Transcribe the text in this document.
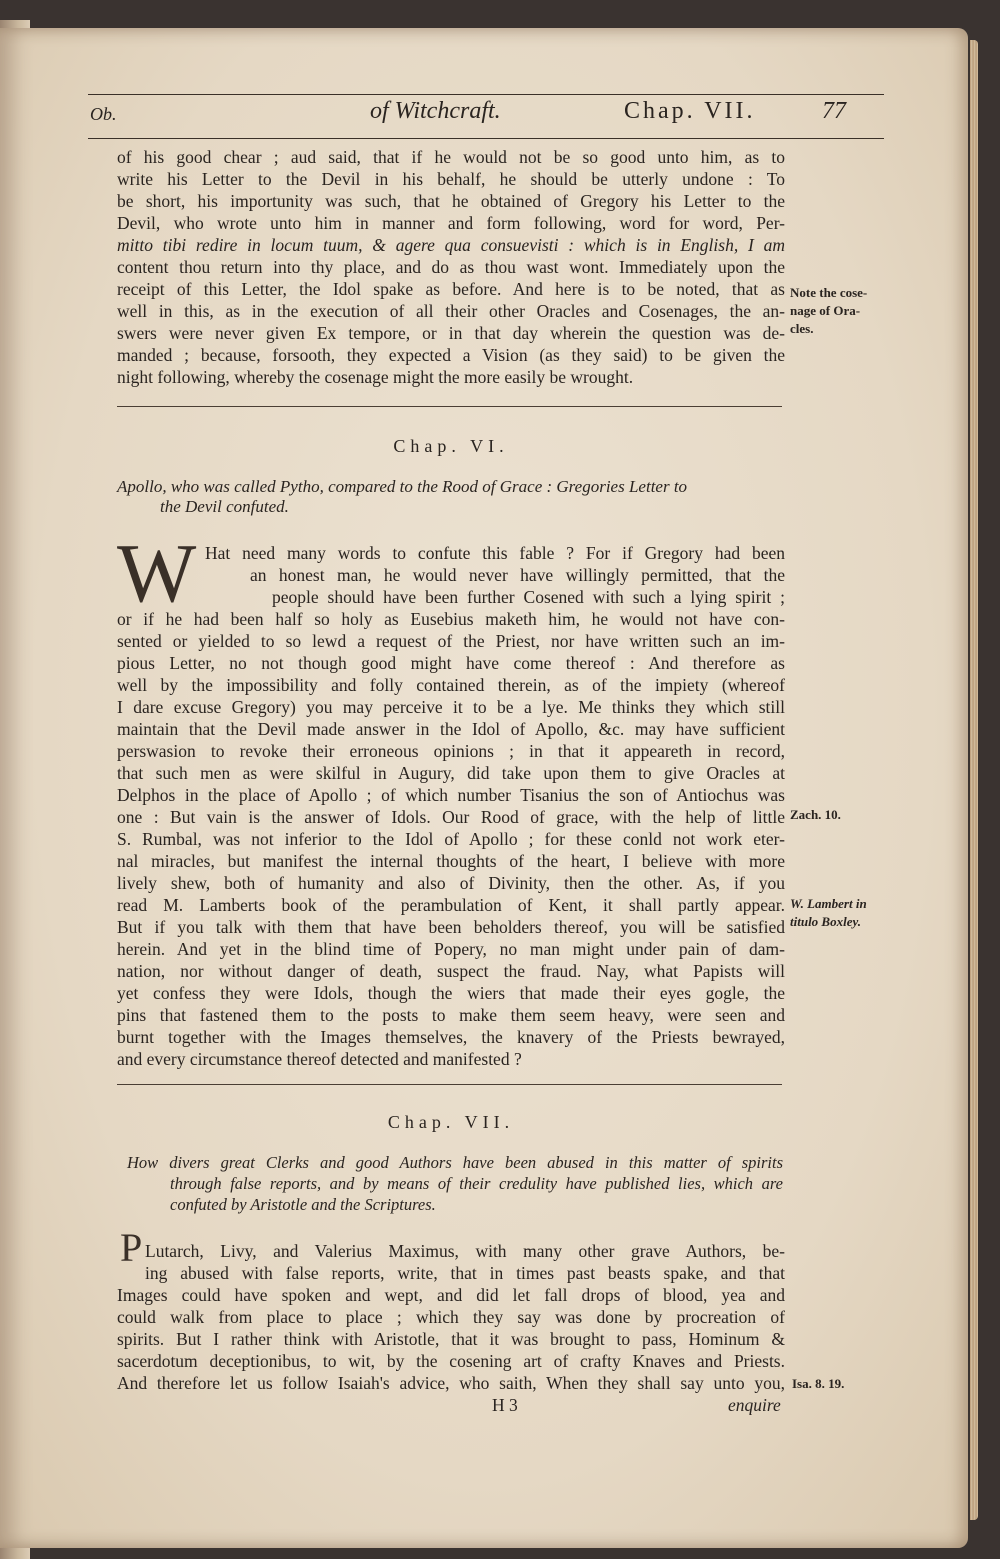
Ob.	of Witchcraft.	Chap. VII.	77
of his good chear ; aud said, that if he would not be so good unto him, as to
write his Letter to the Devil in his behalf, he should be utterly undone : To
be short, his importunity was such, that he obtained of Gregory his Letter to the
Devil, who wrote unto him in manner and form following, word for word, Per-
mitto tibi redire in locum tuum, & agere qua consuevisti : which is in English, I am
content thou return into thy place, and do as thou wast wont. Immediately upon the
receipt of this Letter, the Idol spake as before. And here is to be noted, that as
well in this, as in the execution of all their other Oracles and Cosenages, the an-
swers were never given Ex tempore, or in that day wherein the question was de-
manded ; because, forsooth, they expected a Vision (as they said) to be given the
night following, whereby the cosenage might the more easily be wrought.
Note the cose-
nage of Ora-
cles.
Chap. VI.
Apollo, who was called Pytho, compared to the Rood of Grace : Gregories Letter to
the Devil confuted.
W Hat need many words to confute this fable ? For if Gregory had been
an honest man, he would never have willingly permitted, that the
people should have been further Cosened with such a lying spirit ;
or if he had been half so holy as Eusebius maketh him, he would not have con-
sented or yielded to so lewd a request of the Priest, nor have written such an im-
pious Letter, no not though good might have come thereof : And therefore as
well by the impossibility and folly contained therein, as of the impiety (whereof
I dare excuse Gregory) you may perceive it to be a lye. Me thinks they which still
maintain that the Devil made answer in the Idol of Apollo, &c. may have sufficient
perswasion to revoke their erroneous opinions ; in that it appeareth in record,
that such men as were skilful in Augury, did take upon them to give Oracles at
Delphos in the place of Apollo ; of which number Tisanius the son of Antiochus was
one : But vain is the answer of Idols. Our Rood of grace, with the help of little
S. Rumbal, was not inferior to the Idol of Apollo ; for these conld not work eter-
nal miracles, but manifest the internal thoughts of the heart, I believe with more
lively shew, both of humanity and also of Divinity, then the other. As, if you
read M. Lamberts book of the perambulation of Kent, it shall partly appear.
But if you talk with them that have been beholders thereof, you will be satisfied
herein. And yet in the blind time of Popery, no man might under pain of dam-
nation, nor without danger of death, suspect the fraud. Nay, what Papists will
yet confess they were Idols, though the wiers that made their eyes gogle, the
pins that fastened them to the posts to make them seem heavy, were seen and
burnt together with the Images themselves, the knavery of the Priests bewrayed,
and every circumstance thereof detected and manifested ?
Zach. 10.
W. Lambert in
titulo Boxley.
Chap. VII.
How divers great Clerks and good Authors have been abused in this matter of spirits
through false reports, and by means of their credulity have published lies, which are
confuted by Aristotle and the Scriptures.
P Lutarch, Livy, and Valerius Maximus, with many other grave Authors, be-
ing abused with false reports, write, that in times past beasts spake, and that
Images could have spoken and wept, and did let fall drops of blood, yea and
could walk from place to place ; which they say was done by procreation of
spirits. But I rather think with Aristotle, that it was brought to pass, Hominum &
sacerdotum deceptionibus, to wit, by the cosening art of crafty Knaves and Priests.
And therefore let us follow Isaiah's advice, who saith, When they shall say unto you, Isa. 8. 19.
H 3	enquire
